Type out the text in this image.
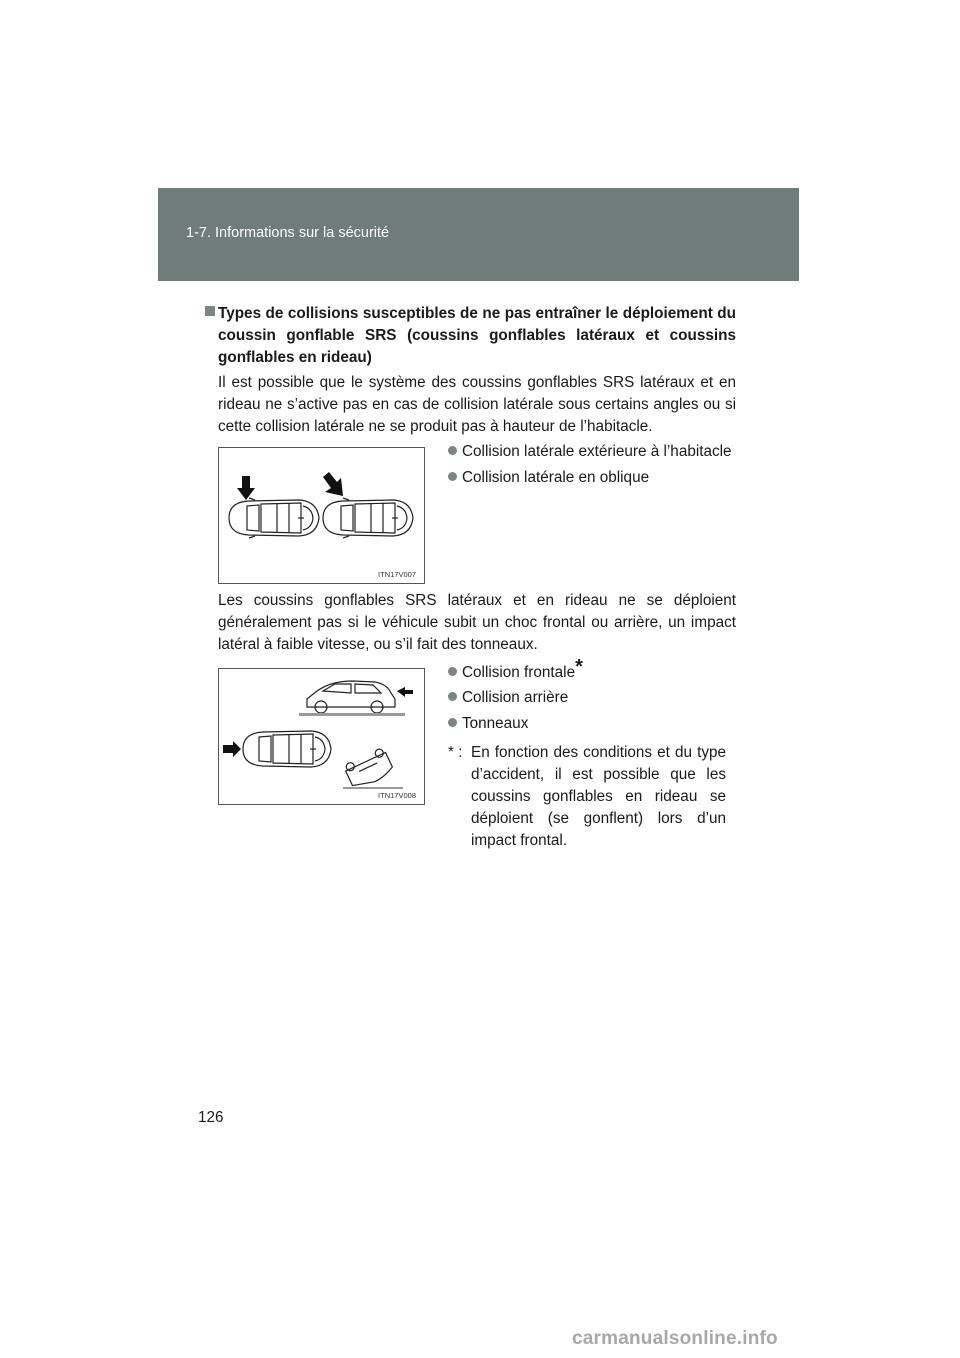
1-7. Informations sur la sécurité
Types de collisions susceptibles de ne pas entraîner le déploiement du coussin gonflable SRS (coussins gonflables latéraux et coussins gonflables en rideau)
Il est possible que le système des coussins gonflables SRS latéraux et en rideau ne s’active pas en cas de collision latérale sous certains angles ou si cette collision latérale ne se produit pas à hauteur de l’habitacle.
ITN17V007
Collision latérale extérieure à l’habitacle
Collision latérale en oblique
Les coussins gonflables SRS latéraux et en rideau ne se déploient généralement pas si le véhicule subit un choc frontal ou arrière, un impact latéral à faible vitesse, ou s’il fait des tonneaux.
ITN17V008
Collision frontale*
Collision arrière
Tonneaux
* : En fonction des conditions et du type d’accident, il est possible que les coussins gonflables en rideau se déploient (se gonflent) lors d’un impact frontal.
126
carmanualsonline.info
